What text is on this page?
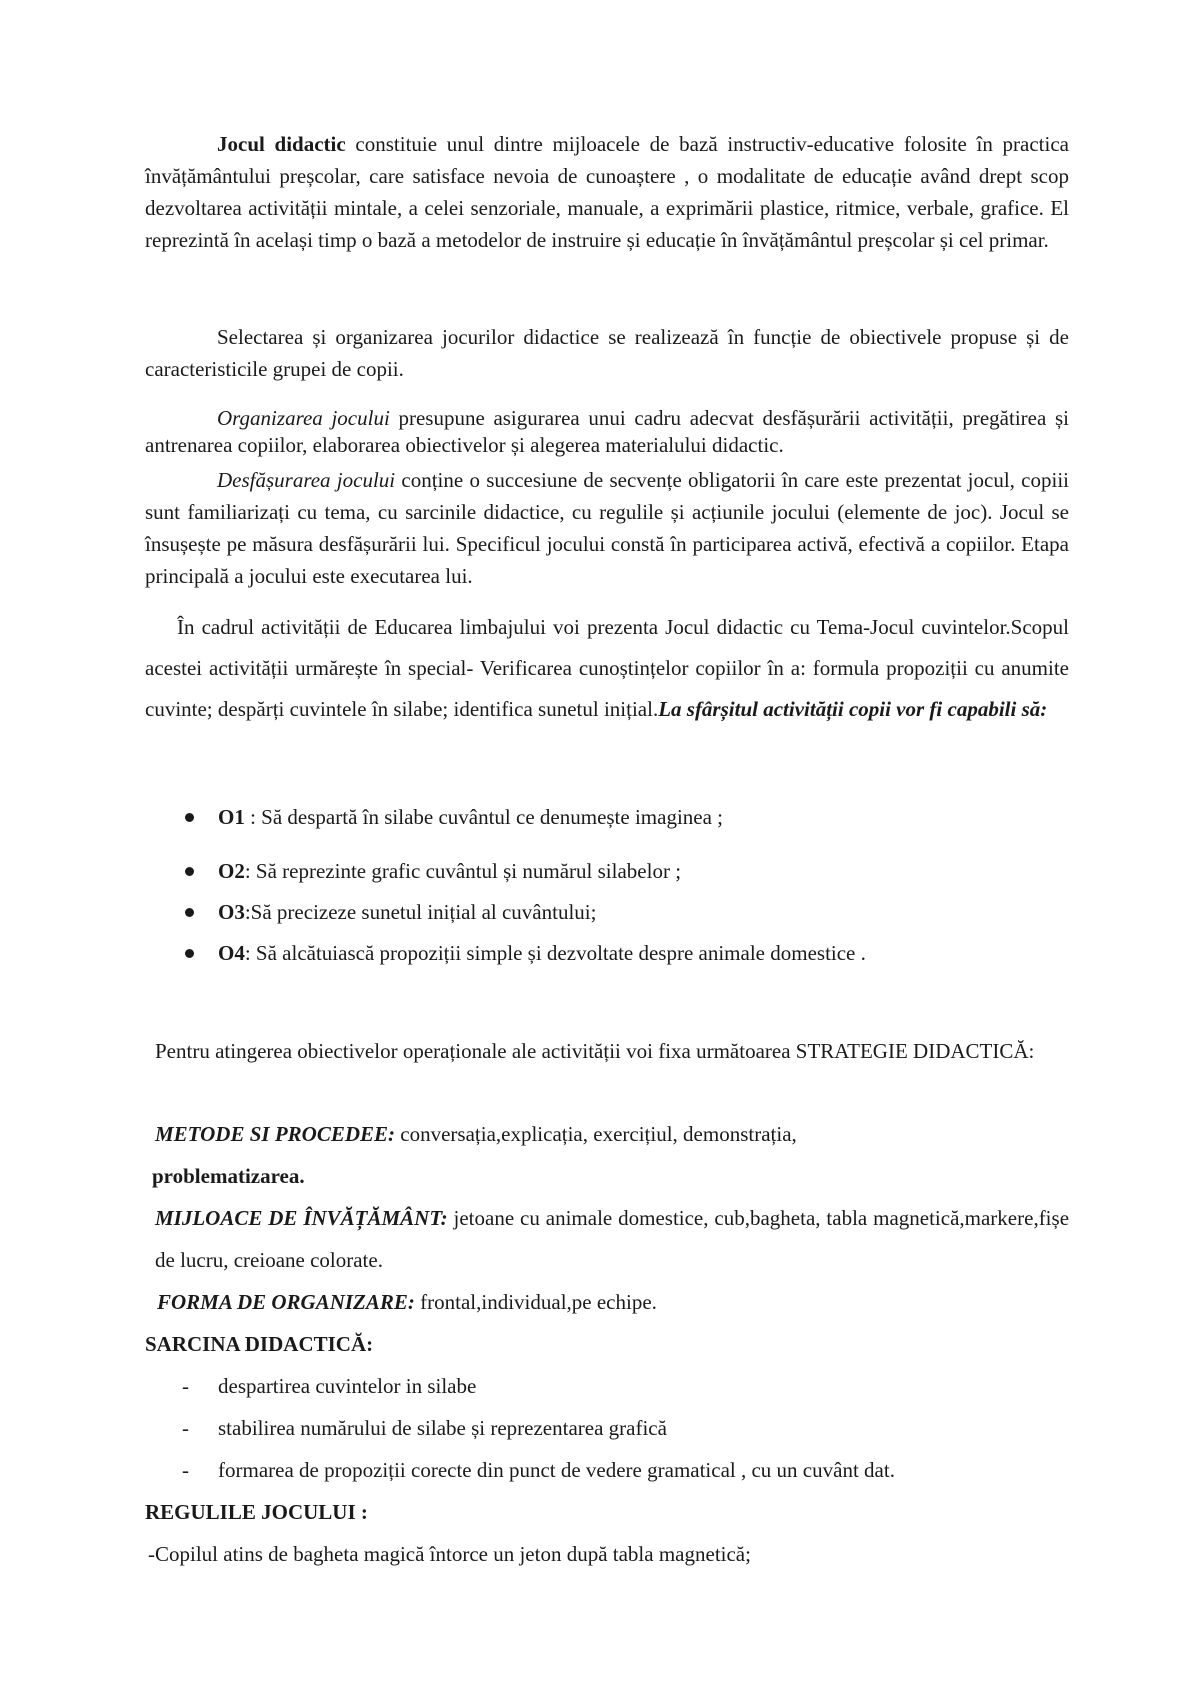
Jocul didactic constituie unul dintre mijloacele de bază instructiv-educative folosite în practica învățământului preșcolar, care satisface nevoia de cunoaștere , o modalitate de educație având drept scop dezvoltarea activității mintale, a celei senzoriale, manuale, a exprimării plastice, ritmice, verbale, grafice. El reprezintă în același timp o bază a metodelor de instruire și educație în învățământul preșcolar și cel primar.

Selectarea și organizarea jocurilor didactice se realizează în funcție de obiectivele propuse și de caracteristicile grupei de copii.

Organizarea jocului presupune asigurarea unui cadru adecvat desfășurării activității, pregătirea și antrenarea copiilor, elaborarea obiectivelor și alegerea materialului didactic.

Desfășurarea jocului conține o succesiune de secvențe obligatorii în care este prezentat jocul, copiii sunt familiarizați cu tema, cu sarcinile didactice, cu regulile și acțiunile jocului (elemente de joc). Jocul se însușește pe măsura desfășurării lui. Specificul jocului constă în participarea activă, efectivă a copiilor. Etapa principală a jocului este executarea lui.

În cadrul activității de Educarea limbajului voi prezenta Jocul didactic cu Tema-Jocul cuvintelor.Scopul acestei activității urmărește în special- Verificarea cunoștințelor copiilor în a: formula propoziții cu anumite cuvinte; despărți cuvintele în silabe; identifica sunetul inițial.La sfârșitul activității copii vor fi capabili să:

O1 : Să despartă în silabe cuvântul ce denumește imaginea ;
O2: Să reprezinte grafic cuvântul și numărul silabelor ;
O3:Să precizeze sunetul inițial al cuvântului;
O4: Să alcătuiască propoziții simple și dezvoltate despre animale domestice .

Pentru atingerea obiectivelor operaționale ale activității voi fixa următoarea STRATEGIE DIDACTICĂ:

METODE SI PROCEDEE: conversația,explicația, exercițiul, demonstrația,

problematizarea.

MIJLOACE DE ÎNVĂȚĂMÂNT: jetoane cu animale domestice, cub,bagheta, tabla magnetică,markere,fișe de lucru, creioane colorate.

FORMA DE ORGANIZARE: frontal,individual,pe echipe.

SARCINA DIDACTICĂ:

- despartirea cuvintelor in silabe
- stabilirea numărului de silabe și reprezentarea grafică
- formarea de propoziții corecte din punct de vedere gramatical , cu un cuvânt dat.

REGULILE JOCULUI :

-Copilul atins de bagheta magică întorce un jeton după tabla magnetică;
